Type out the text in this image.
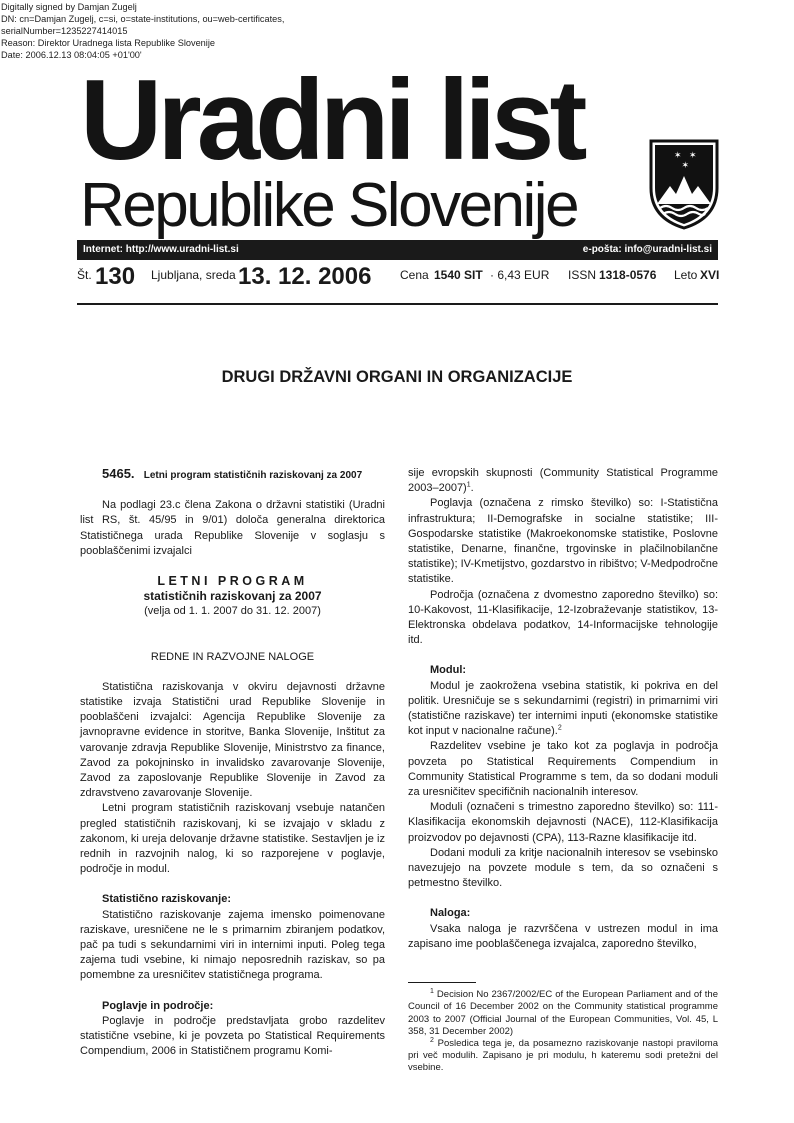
Digitally signed by Damjan Zugelj
DN: cn=Damjan Zugelj, c=si, o=state-institutions, ou=web-certificates,
serialNumber=1235227414015
Reason: Direktor Uradnega lista Republike Slovenije
Date: 2006.12.13 08:04:05 +01'00'
Uradni list
Republike Slovenije
✶ ✶
✶
Internet: http://www.uradni-list.si	e-pošta: info@uradni-list.si
Št. 130 Ljubljana, sreda 13. 12. 2006 Cena 1540 SIT · 6,43 EUR ISSN 1318-0576 Leto XVI
DRUGI DRŽAVNI ORGANI IN ORGANIZACIJE

5465. Letni program statističnih raziskovanj za 2007

Na podlagi 23.c člena Zakona o državni statistiki (Uradni list RS, št. 45/95 in 9/01) določa generalna direktorica Statističnega urada Republike Slovenije v soglasju s pooblaščenimi izvajalci

LETNI PROGRAM

statističnih raziskovanj za 2007

(velja od 1. 1. 2007 do 31. 12. 2007)

REDNE IN RAZVOJNE NALOGE

Statistična raziskovanja v okviru dejavnosti državne statistike izvaja Statistični urad Republike Slovenije in pooblaščeni izvajalci: Agencija Republike Slovenije za javnopravne evidence in storitve, Banka Slovenije, Inštitut za varovanje zdravja Republike Slovenije, Ministrstvo za finance, Zavod za pokojninsko in invalidsko zavarovanje Slovenije, Zavod za zaposlovanje Republike Slovenije in Zavod za zdravstveno zavarovanje Slovenije.

Letni program statističnih raziskovanj vsebuje natančen pregled statističnih raziskovanj, ki se izvajajo v skladu z zakonom, ki ureja delovanje državne statistike. Sestavljen je iz rednih in razvojnih nalog, ki so razporejene v poglavje, področje in modul.

Statistično raziskovanje:

Statistično raziskovanje zajema imensko poimenovane raziskave, uresničene ne le s primarnim zbiranjem podatkov, pač pa tudi s sekundarnimi viri in internimi inputi. Poleg tega zajema tudi vsebine, ki nimajo neposrednih raziskav, so pa pomembne za uresničitev statističnega programa.

Poglavje in področje:

Poglavje in področje predstavljata grobo razdelitev statistične vsebine, ki je povzeta po Statistical Requirements Compendium, 2006 in Statističnem programu Komi-

sije evropskih skupnosti (Community Statistical Programme 2003–2007)$^1$.

Poglavja (označena z rimsko številko) so: I-Statistična infrastruktura; II-Demografske in socialne statistike; III-Gospodarske statistike (Makroekonomske statistike, Poslovne statistike, Denarne, finančne, trgovinske in plačilnobilančne statistike); IV-Kmetijstvo, gozdarstvo in ribištvo; V-Medpodročne statistike.

Področja (označena z dvomestno zaporedno številko) so: 10-Kakovost, 11-Klasifikacije, 12-Izobraževanje statistikov, 13-Elektronska obdelava podatkov, 14-Informacijske tehnologije itd.

Modul:

Modul je zaokrožena vsebina statistik, ki pokriva en del politik. Uresničuje se s sekundarnimi (registri) in primarnimi viri (statistične raziskave) ter internimi inputi (ekonomske statistike kot input v nacionalne račune).$^2$

Razdelitev vsebine je tako kot za poglavja in področja povzeta po Statistical Requirements Compendium in Community Statistical Programme s tem, da so dodani moduli za uresničitev specifičnih nacionalnih interesov.

Moduli (označeni s trimestno zaporedno številko) so: 111-Klasifikacija ekonomskih dejavnosti (NACE), 112-Klasifikacija proizvodov po dejavnosti (CPA), 113-Razne klasifikacije itd.

Dodani moduli za kritje nacionalnih interesov se vsebinsko navezujejo na povzete module s tem, da so označeni s petmestno številko.

Naloga:

Vsaka naloga je razvrščena v ustrezen modul in ima zapisano ime pooblaščenega izvajalca, zaporedno številko,

$^1$ Decision No 2367/2002/EC of the European Parliament and of the Council of 16 December 2002 on the Community statistical programme 2003 to 2007 (Official Journal of the European Communities, Vol. 45, L 358, 31 December 2002)

$^2$ Posledica tega je, da posamezno raziskovanje nastopi praviloma pri več modulih. Zapisano je pri modulu, h kateremu sodi pretežni del vsebine.
